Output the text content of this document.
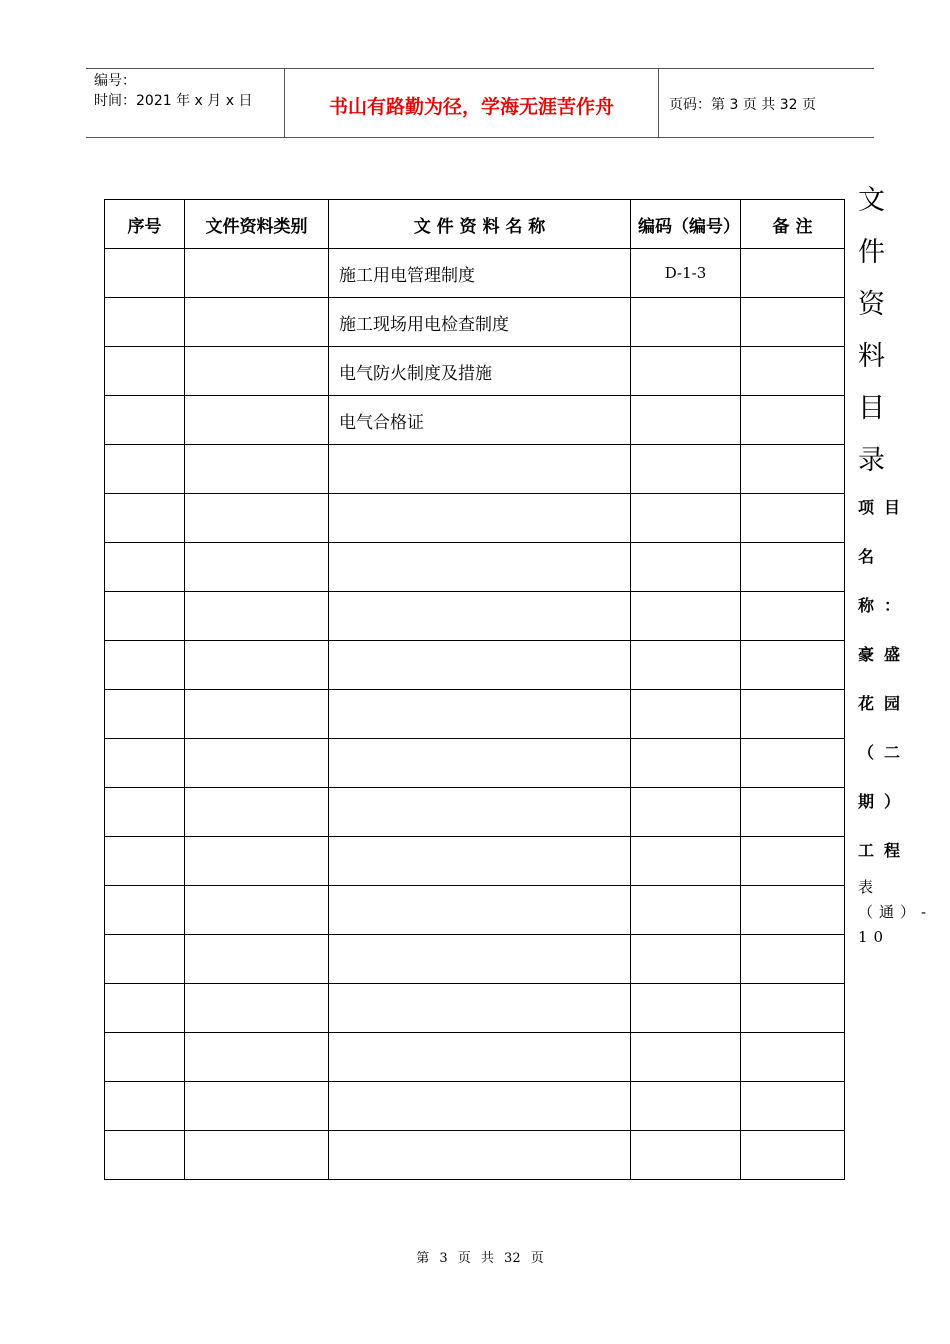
编号：
时间：2021 年 x 月 x 日	书山有路勤为径，学海无涯苦作舟	页码：第 3 页 共 32 页
序号	文件资料类别	文 件 资 料 名 称	编码（编号）	备 注
		施工用电管理制度	D-1-3	
		施工现场用电检查制度		
		电气防火制度及措施		
		电气合格证		

文件资料目录
项目名称：豪盛花园（二期）工程
表（通）-10
第 3 页 共 32 页
